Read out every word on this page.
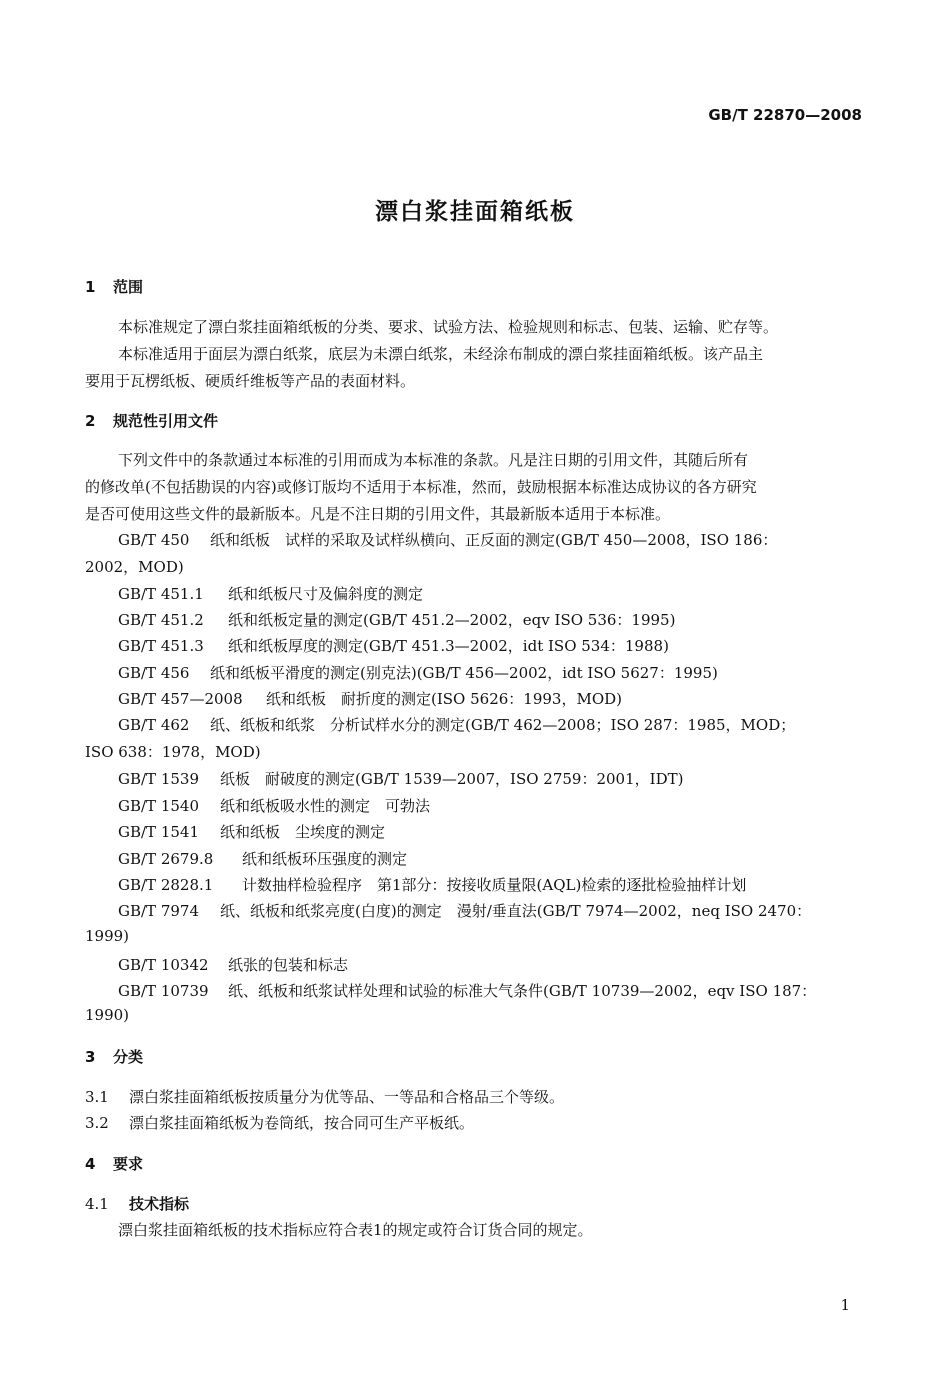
GB/T 22870—2008
漂白浆挂面箱纸板
1 范围
本标准规定了漂白浆挂面箱纸板的分类、要求、试验方法、检验规则和标志、包装、运输、贮存等。
本标准适用于面层为漂白纸浆，底层为未漂白纸浆，未经涂布制成的漂白浆挂面箱纸板。该产品主
要用于瓦楞纸板、硬质纤维板等产品的表面材料。
2 规范性引用文件
下列文件中的条款通过本标准的引用而成为本标准的条款。凡是注日期的引用文件，其随后所有
的修改单(不包括勘误的内容)或修订版均不适用于本标准，然而，鼓励根据本标准达成协议的各方研究
是否可使用这些文件的最新版本。凡是不注日期的引用文件，其最新版本适用于本标准。
GB/T 450 纸和纸板　试样的采取及试样纵横向、正反面的测定(GB/T 450—2008，ISO 186：
2002，MOD)
GB/T 451.1 纸和纸板尺寸及偏斜度的测定
GB/T 451.2 纸和纸板定量的测定(GB/T 451.2—2002，eqv ISO 536：1995)
GB/T 451.3 纸和纸板厚度的测定(GB/T 451.3—2002，idt ISO 534：1988)
GB/T 456 纸和纸板平滑度的测定(别克法)(GB/T 456—2002，idt ISO 5627：1995)
GB/T 457—2008 纸和纸板　耐折度的测定(ISO 5626：1993，MOD)
GB/T 462 纸、纸板和纸浆　分析试样水分的测定(GB/T 462—2008；ISO 287：1985，MOD；
ISO 638：1978，MOD)
GB/T 1539 纸板　耐破度的测定(GB/T 1539—2007，ISO 2759：2001，IDT)
GB/T 1540 纸和纸板吸水性的测定　可勃法
GB/T 1541 纸和纸板　尘埃度的测定
GB/T 2679.8 纸和纸板环压强度的测定
GB/T 2828.1 计数抽样检验程序　第1部分：按接收质量限(AQL)检索的逐批检验抽样计划
GB/T 7974 纸、纸板和纸浆亮度(白度)的测定　漫射/垂直法(GB/T 7974—2002，neq ISO 2470：
1999)
GB/T 10342 纸张的包装和标志
GB/T 10739 纸、纸板和纸浆试样处理和试验的标准大气条件(GB/T 10739—2002，eqv ISO 187：
1990)
3 分类
3.1 漂白浆挂面箱纸板按质量分为优等品、一等品和合格品三个等级。
3.2 漂白浆挂面箱纸板为卷筒纸，按合同可生产平板纸。
4 要求
4.1 技术指标
漂白浆挂面箱纸板的技术指标应符合表1的规定或符合订货合同的规定。
1
